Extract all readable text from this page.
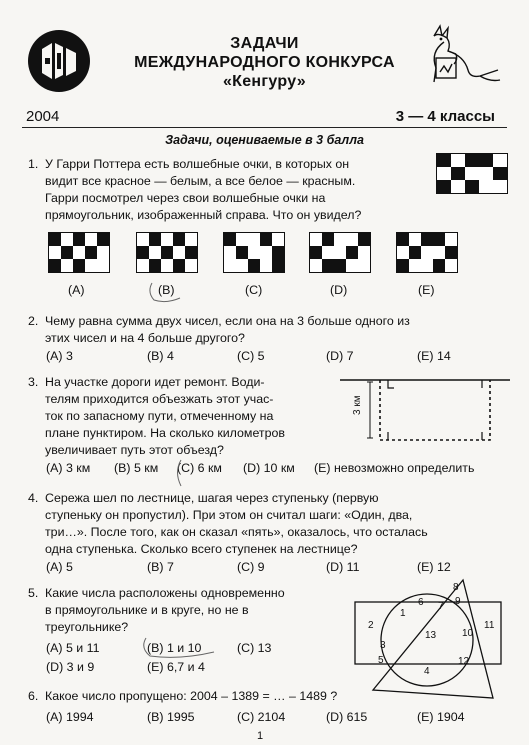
ЗАДАЧИ
МЕЖДУНАРОДНОГО КОНКУРСА
«Кенгуру»
2004	3 — 4 классы
Задачи, оцениваемые в 3 балла
1. У Гарри Поттера есть волшебные очки, в которых он
видит все красное — белым, а все белое — красным.
Гарри посмотрел через свои волшебные очки на
прямоугольник, изображенный справа. Что он увидел?
(A)	(B)	(C)	(D)	(E)
2. Чему равна сумма двух чисел, если она на 3 больше одного из
этих чисел и на 4 больше другого?
(A) 3	(B) 4	(C) 5	(D) 7	(E) 14
3. На участке дороги идет ремонт. Води-
телям приходится объезжать этот учас-
ток по запасному пути, отмеченному на
плане пунктиром. На сколько километров
увеличивает путь этот объезд?
3 км
(A) 3 км (B) 5 км (C) 6 км (D) 10 км (E) невозможно определить
4. Сережа шел по лестнице, шагая через ступеньку (первую
ступеньку он пропустил). При этом он считал шаги: «Один, два,
три…». После того, как он сказал «пять», оказалось, что осталась
одна ступенька. Сколько всего ступенек на лестнице?
(A) 5	(B) 7	(C) 9	(D) 11	(E) 12
5. Какие числа расположены одновременно
в прямоугольнике и в круге, но не в
треугольнике?
(A) 5 и 11	(B) 1 и 10	(C) 13
(D) 3 и 9	(E) 6,7 и 4
1
2
3
4
5
6 7
8
9
10
11
12
13
6. Какое число пропущено: 2004 – 1389 = … – 1489 ?
(A) 1994	(B) 1995	(C) 2104	(D) 615	(E) 1904
1
